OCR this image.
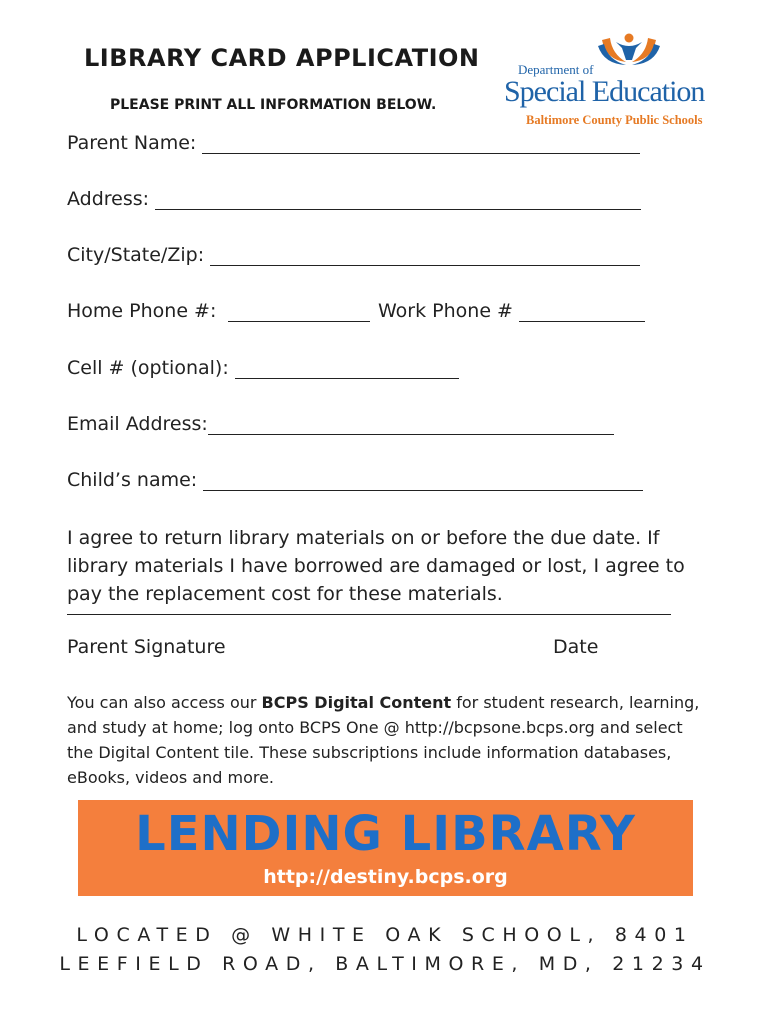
LIBRARY CARD APPLICATION
PLEASE PRINT ALL INFORMATION BELOW.
Department of
Special Education
Baltimore County Public Schools
Parent Name:
Address:
City/State/Zip:
Home Phone #:	Work Phone #
Cell # (optional):
Email Address:
Child’s name:
I agree to return library materials on or before the due date. If library materials I have borrowed are damaged or lost, I agree to pay the replacement cost for these materials.
Parent Signature	Date
You can also access our BCPS Digital Content for student research, learning, and study at home; log onto BCPS One @ http://bcpsone.bcps.org and select the Digital Content tile. These subscriptions include information databases, eBooks, videos and more.
LENDING LIBRARY
http://destiny.bcps.org
LOCATED @ WHITE OAK SCHOOL, 8401
LEEFIELD ROAD, BALTIMORE, MD, 21234
